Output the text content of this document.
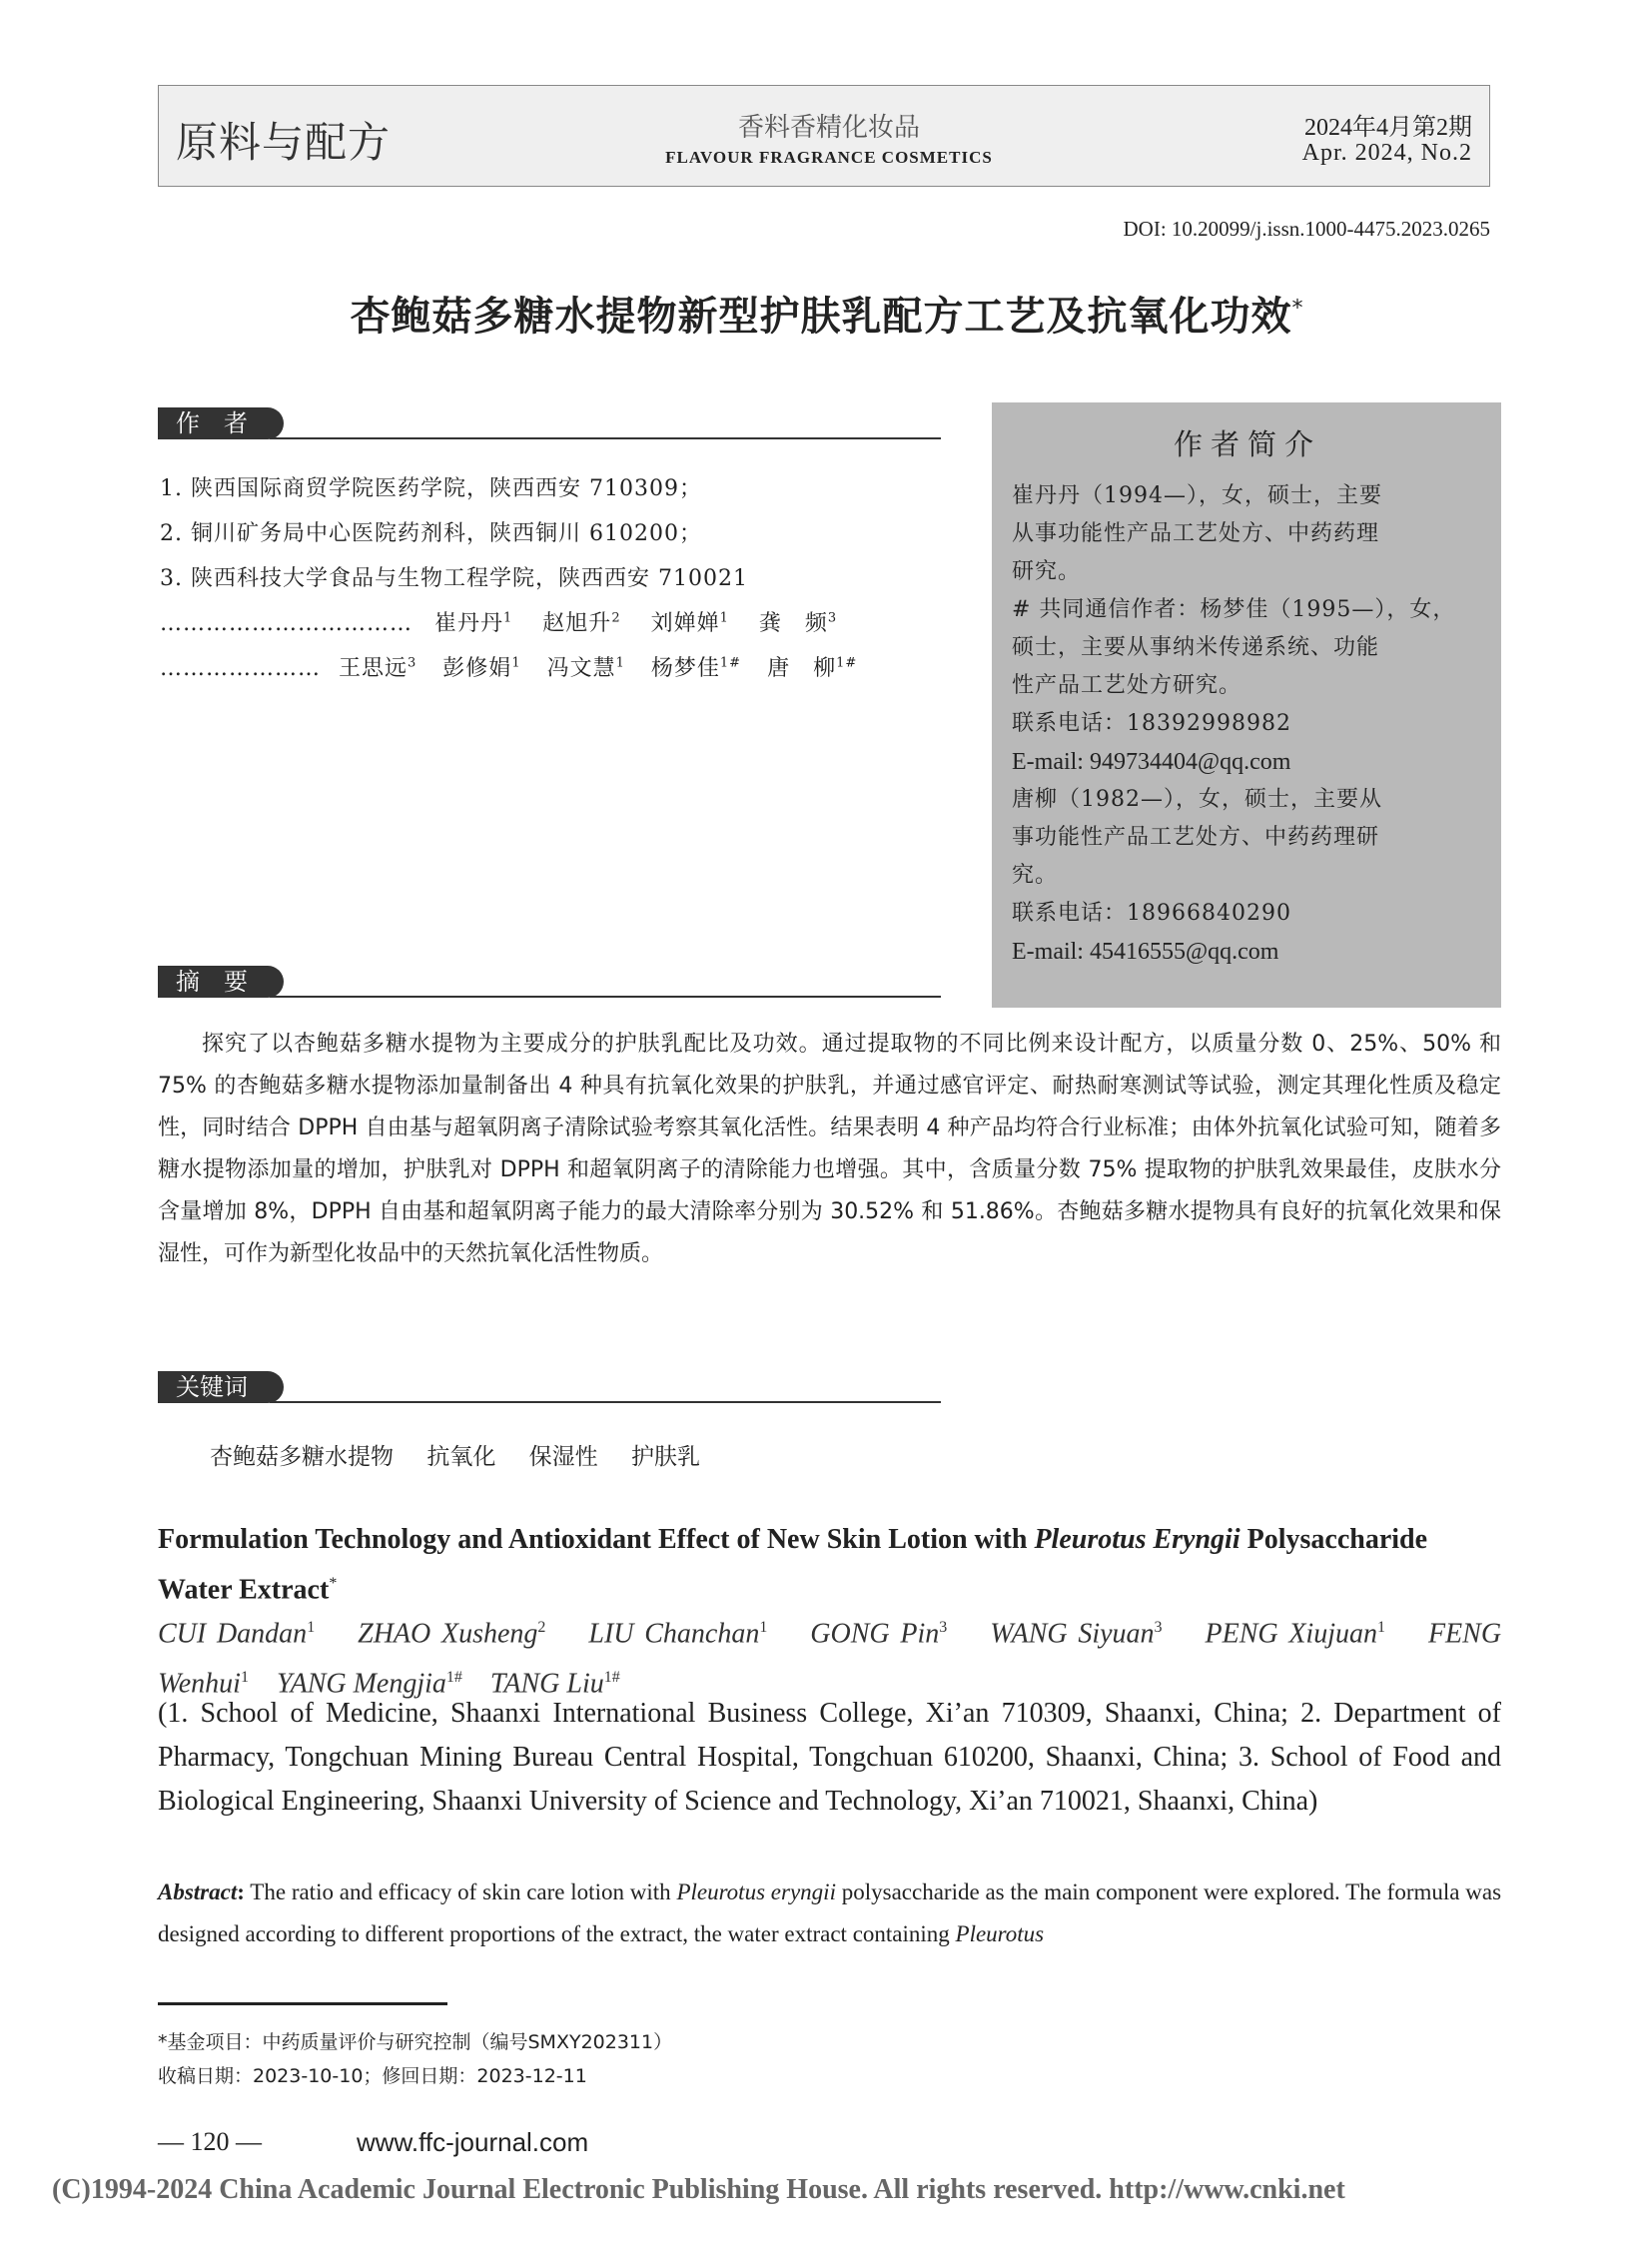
原料与配方	香料香精化妆品
FLAVOUR FRAGRANCE COSMETICS
2024年4月第2期
Apr. 2024, No.2
DOI: 10.20099/j.issn.1000-4475.2023.0265
杏鲍菇多糖水提物新型护肤乳配方工艺及抗氧化功效*
作　者
1. 陕西国际商贸学院医药学院，陕西西安 710309；
2. 铜川矿务局中心医院药剂科，陕西铜川 610200；
3. 陕西科技大学食品与生物工程学院，陕西西安 710021
…………………………… 崔丹丹$^1$ 赵旭升$^2$ 刘婵婵$^1$ 龚　频$^3$
………………… 王思远$^3$ 彭修娟$^1$ 冯文慧$^1$ 杨梦佳$^{1\#}$ 唐　柳$^{1\#}$
作者简介
崔丹丹（1994—），女，硕士，主要
从事功能性产品工艺处方、中药药理
研究。
# 共同通信作者：杨梦佳（1995—），女，
硕士，主要从事纳米传递系统、功能
性产品工艺处方研究。
联系电话：18392998982
E-mail: 949734404@qq.com
唐柳（1982—），女，硕士，主要从
事功能性产品工艺处方、中药药理研
究。
联系电话：18966840290
E-mail: 45416555@qq.com
摘　要
探究了以杏鲍菇多糖水提物为主要成分的护肤乳配比及功效。通过提取物的不同比例来设计配方，以质量分数 0、25%、50% 和 75% 的杏鲍菇多糖水提物添加量制备出 4 种具有抗氧化效果的护肤乳，并通过感官评定、耐热耐寒测试等试验，测定其理化性质及稳定性，同时结合 DPPH 自由基与超氧阴离子清除试验考察其氧化活性。结果表明 4 种产品均符合行业标准；由体外抗氧化试验可知，随着多糖水提物添加量的增加，护肤乳对 DPPH 和超氧阴离子的清除能力也增强。其中，含质量分数 75% 提取物的护肤乳效果最佳，皮肤水分含量增加 8%，DPPH 自由基和超氧阴离子能力的最大清除率分别为 30.52% 和 51.86%。杏鲍菇多糖水提物具有良好的抗氧化效果和保湿性，可作为新型化妆品中的天然抗氧化活性物质。
关键词
杏鲍菇多糖水提物 抗氧化 保湿性 护肤乳
Formulation Technology and Antioxidant Effect of New Skin Lotion with Pleurotus Eryngii Polysaccharide Water Extract*
CUI Dandan$^1$ ZHAO Xusheng$^2$ LIU Chanchan$^1$ GONG Pin$^3$ WANG Siyuan$^3$ PENG Xiujuan$^1$ FENG Wenhui$^1$ YANG Mengjia$^{1\#}$ TANG Liu$^{1\#}$
(1. School of Medicine, Shaanxi International Business College, Xi’an 710309, Shaanxi, China; 2. Department of Pharmacy, Tongchuan Mining Bureau Central Hospital, Tongchuan 610200, Shaanxi, China; 3. School of Food and Biological Engineering, Shaanxi University of Science and Technology, Xi’an 710021, Shaanxi, China)
Abstract: The ratio and efficacy of skin care lotion with Pleurotus eryngii polysaccharide as the main component were explored. The formula was designed according to different proportions of the extract, the water extract containing Pleurotus
*基金项目：中药质量评价与研究控制（编号SMXY202311）
收稿日期：2023-10-10；修回日期：2023-12-11
— 120 —	www.ffc-journal.com
(C)1994-2024 China Academic Journal Electronic Publishing House. All rights reserved. http://www.cnki.net
